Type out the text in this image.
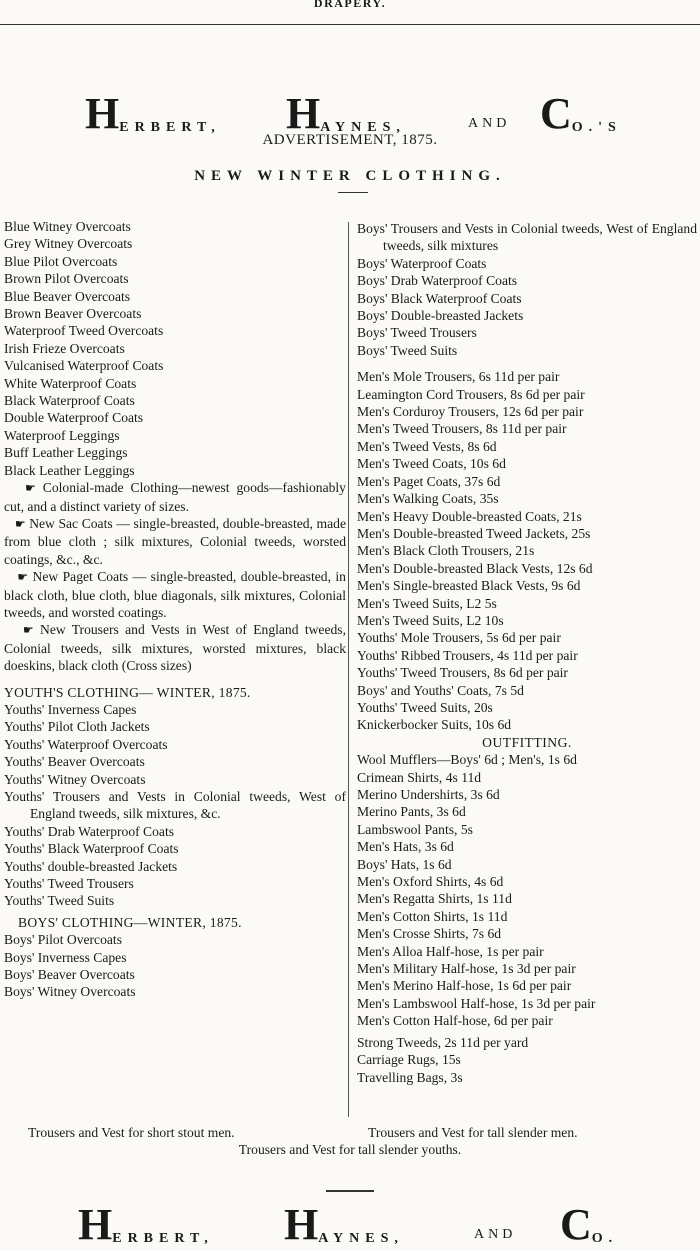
DRAPERY.
HERBERT, HAYNES,	AND CO.'S
ADVERTISEMENT, 1875.
NEW WINTER CLOTHING.

Blue Witney Overcoats

Grey Witney Overcoats

Blue Pilot Overcoats

Brown Pilot Overcoats

Blue Beaver Overcoats

Brown Beaver Overcoats

Waterproof Tweed Overcoats

Irish Frieze Overcoats

Vulcanised Waterproof Coats

White Waterproof Coats

Black Waterproof Coats

Double Waterproof Coats

Waterproof Leggings

Buff Leather Leggings

Black Leather Leggings

☛ Colonial-made Clothing—newest goods—fashionably cut, and a distinct variety of sizes.

☛ New Sac Coats — single-breasted, double-breasted, made from blue cloth ; silk mixtures, Colonial tweeds, worsted coatings, &c., &c.

☛ New Paget Coats — single-breasted, double-breasted, in black cloth, blue cloth, blue diagonals, silk mixtures, Colonial tweeds, and worsted coatings.

☛ New Trousers and Vests in West of England tweeds, Colonial tweeds, silk mixtures, worsted mixtures, black doeskins, black cloth (Cross sizes)

YOUTH'S CLOTHING— WINTER, 1875.

Youths' Inverness Capes

Youths' Pilot Cloth Jackets

Youths' Waterproof Overcoats

Youths' Beaver Overcoats

Youths' Witney Overcoats

Youths' Trousers and Vests in Colonial tweeds, West of England tweeds, silk mixtures, &c.

Youths' Drab Waterproof Coats

Youths' Black Waterproof Coats

Youths' double-breasted Jackets

Youths' Tweed Trousers

Youths' Tweed Suits

BOYS' CLOTHING—WINTER, 1875.

Boys' Pilot Overcoats

Boys' Inverness Capes

Boys' Beaver Overcoats

Boys' Witney Overcoats

Boys' Trousers and Vests in Colonial tweeds, West of England tweeds, silk mixtures

Boys' Waterproof Coats

Boys' Drab Waterproof Coats

Boys' Black Waterproof Coats

Boys' Double-breasted Jackets

Boys' Tweed Trousers

Boys' Tweed Suits

Men's Mole Trousers, 6s 11d per pair

Leamington Cord Trousers, 8s 6d per pair

Men's Corduroy Trousers, 12s 6d per pair

Men's Tweed Trousers, 8s 11d per pair

Men's Tweed Vests, 8s 6d

Men's Tweed Coats, 10s 6d

Men's Paget Coats, 37s 6d

Men's Walking Coats, 35s

Men's Heavy Double-breasted Coats, 21s

Men's Double-breasted Tweed Jackets, 25s

Men's Black Cloth Trousers, 21s

Men's Double-breasted Black Vests, 12s 6d

Men's Single-breasted Black Vests, 9s 6d

Men's Tweed Suits, L2 5s

Men's Tweed Suits, L2 10s

Youths' Mole Trousers, 5s 6d per pair

Youths' Ribbed Trousers, 4s 11d per pair

Youths' Tweed Trousers, 8s 6d per pair

Boys' and Youths' Coats, 7s 5d

Youths' Tweed Suits, 20s

Knickerbocker Suits, 10s 6d

OUTFITTING.

Wool Mufflers—Boys' 6d ; Men's, 1s 6d

Crimean Shirts, 4s 11d

Merino Undershirts, 3s 6d

Merino Pants, 3s 6d

Lambswool Pants, 5s

Men's Hats, 3s 6d

Boys' Hats, 1s 6d

Men's Oxford Shirts, 4s 6d

Men's Regatta Shirts, 1s 11d

Men's Cotton Shirts, 1s 11d

Men's Crosse Shirts, 7s 6d

Men's Alloa Half-hose, 1s per pair

Men's Military Half-hose, 1s 3d per pair

Men's Merino Half-hose, 1s 6d per pair

Men's Lambswool Half-hose, 1s 3d per pair

Men's Cotton Half-hose, 6d per pair

Strong Tweeds, 2s 11d per yard

Carriage Rugs, 15s

Travelling Bags, 3s

Trousers and Vest for short stout men.	Trousers and Vest for tall slender men.
Trousers and Vest for tall slender youths.
HERBERT, HAYNES,	AND CO.
